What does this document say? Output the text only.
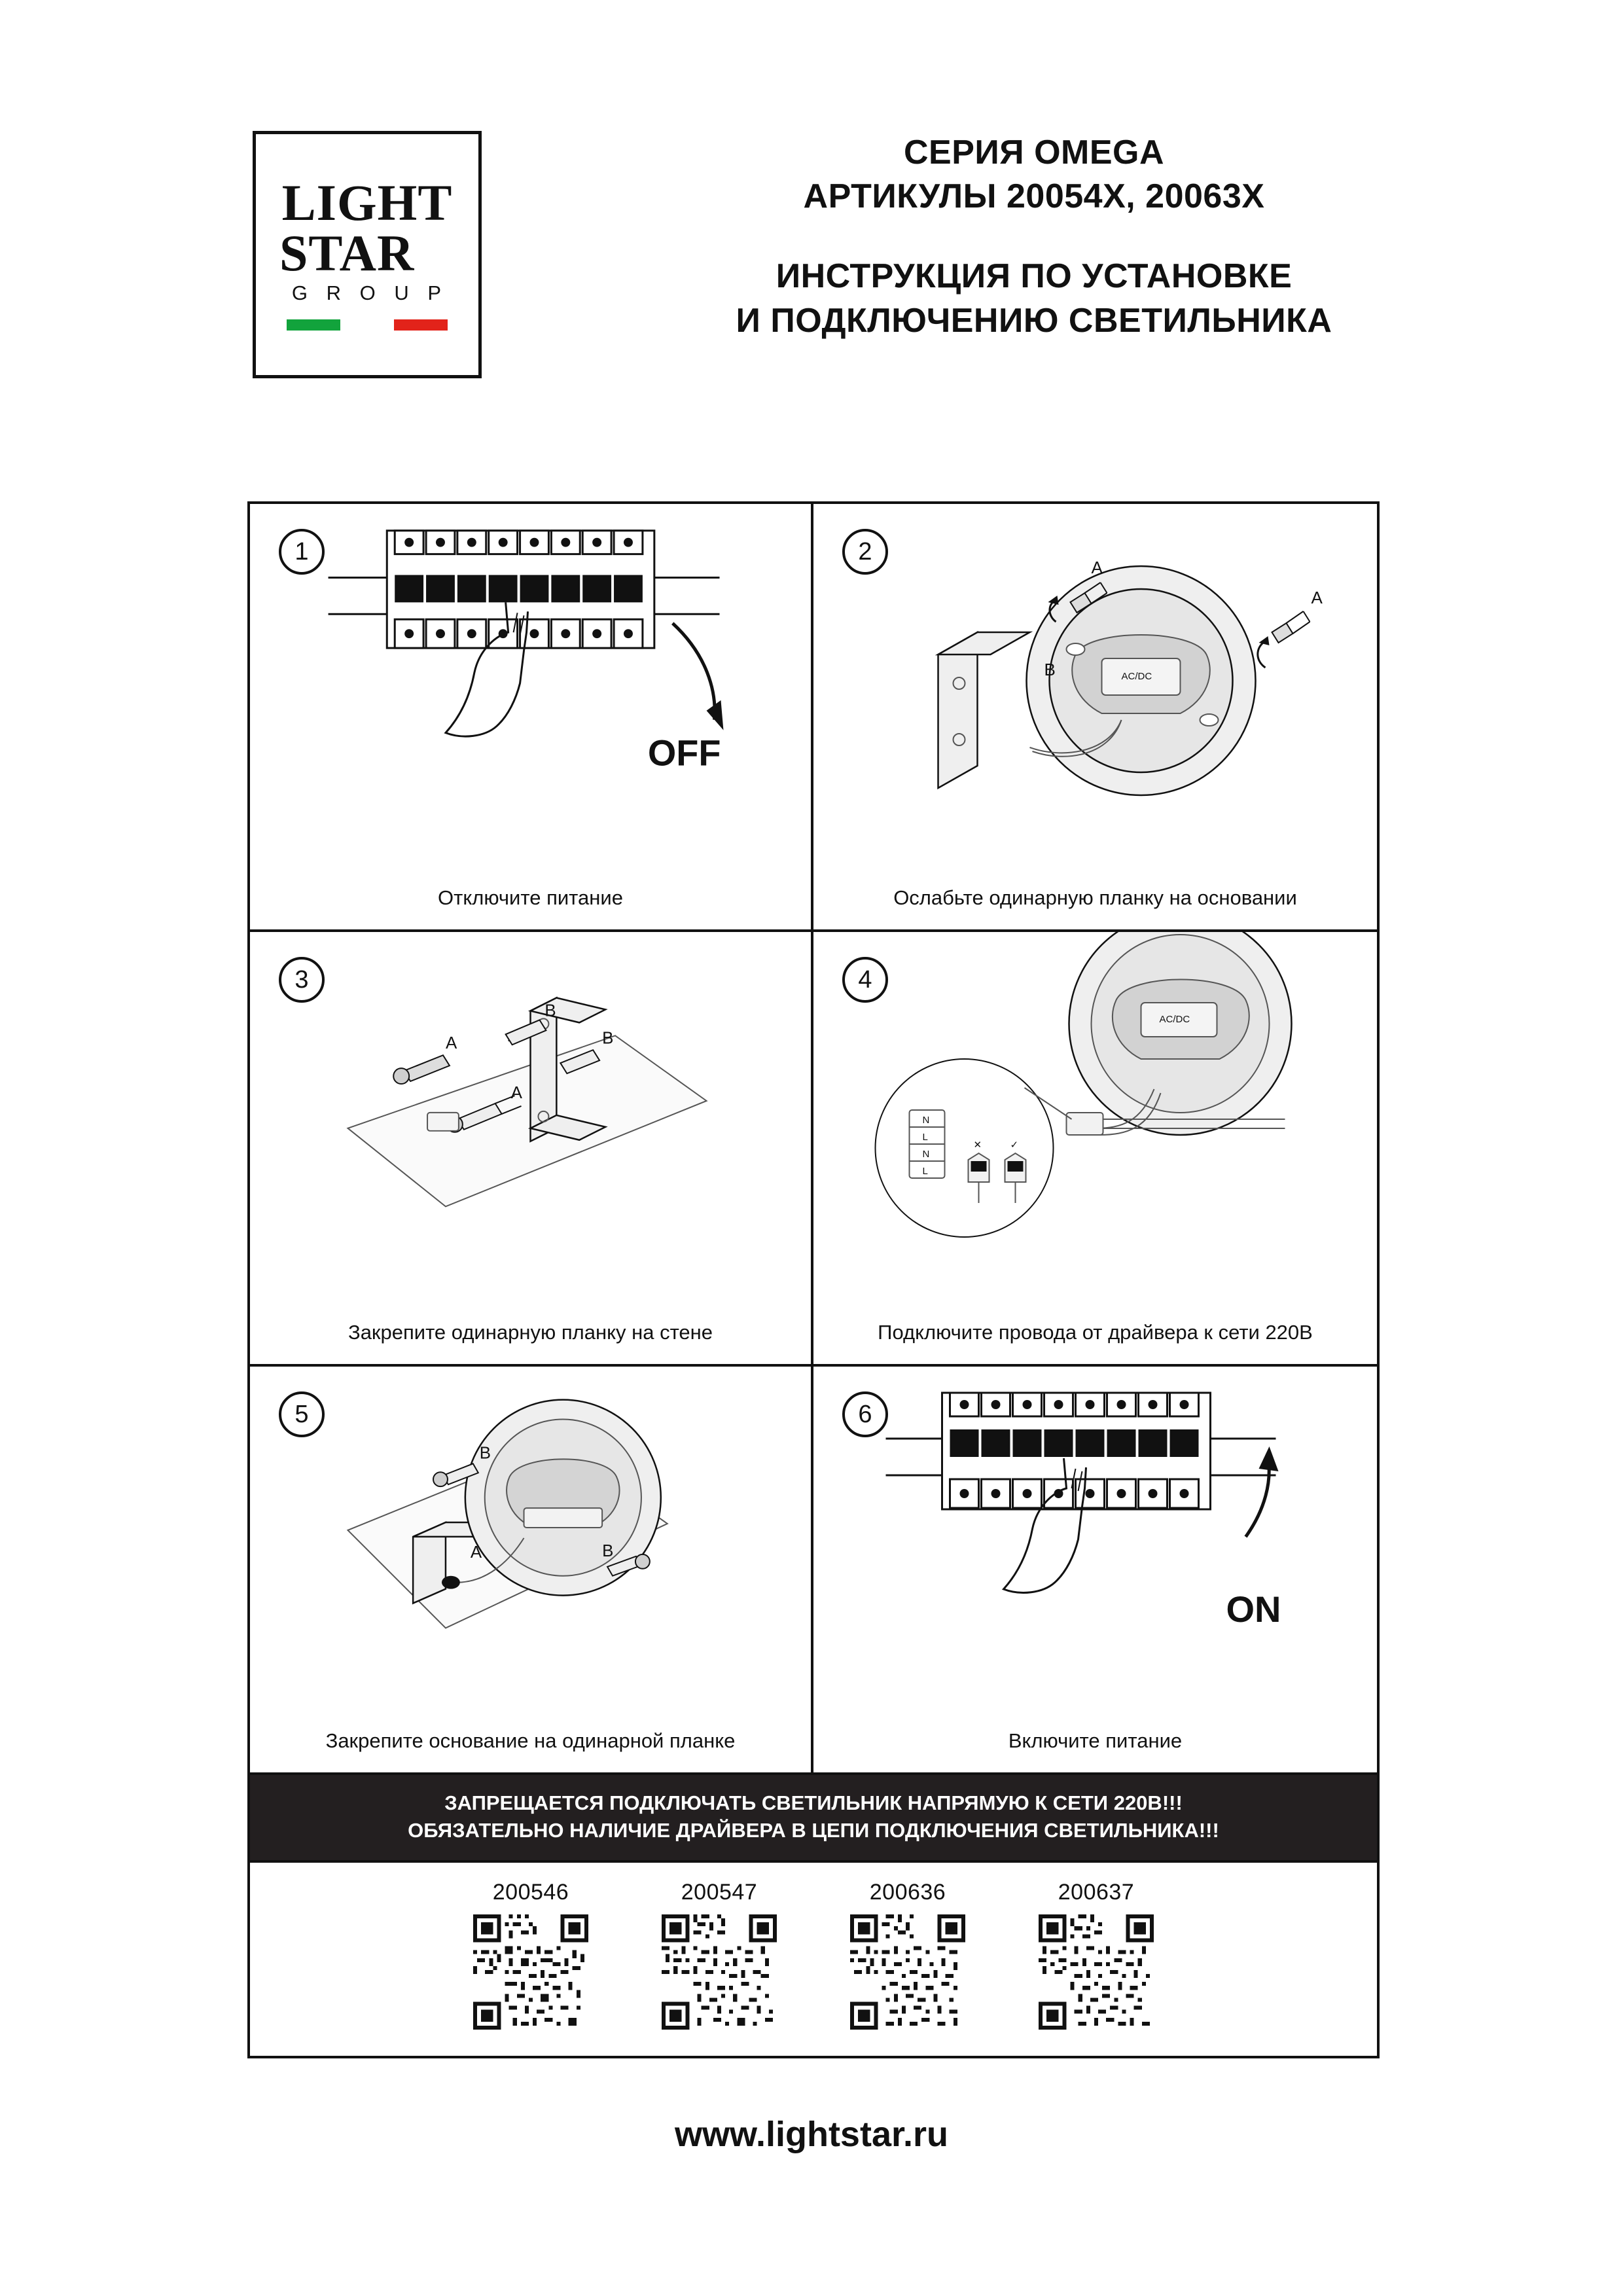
LIGHT
STAR
G R O U P
СЕРИЯ OMEGA
АРТИКУЛЫ 20054X, 20063X
ИНСТРУКЦИЯ ПО УСТАНОВКЕ
И ПОДКЛЮЧЕНИЮ СВЕТИЛЬНИКА
1
OFF
Отключите питание
2
AC/DC
A
B
A
Ослабьте одинарную планку на основании
3
A
A
B
B
Закрепите одинарную планку на стене
4
AC/DC
N
L
N
L
✕	✓
Подключите провода от драйвера к сети 220В
5
B
A	B
Закрепите основание на одинарной планке
6
ON
Включите питание
ЗАПРЕЩАЕТСЯ ПОДКЛЮЧАТЬ СВЕТИЛЬНИК НАПРЯМУЮ К СЕТИ 220В!!!
ОБЯЗАТЕЛЬНО НАЛИЧИЕ ДРАЙВЕРА В ЦЕПИ ПОДКЛЮЧЕНИЯ СВЕТИЛЬНИКА!!!
200546	200547	200636	200637
www.lightstar.ru
